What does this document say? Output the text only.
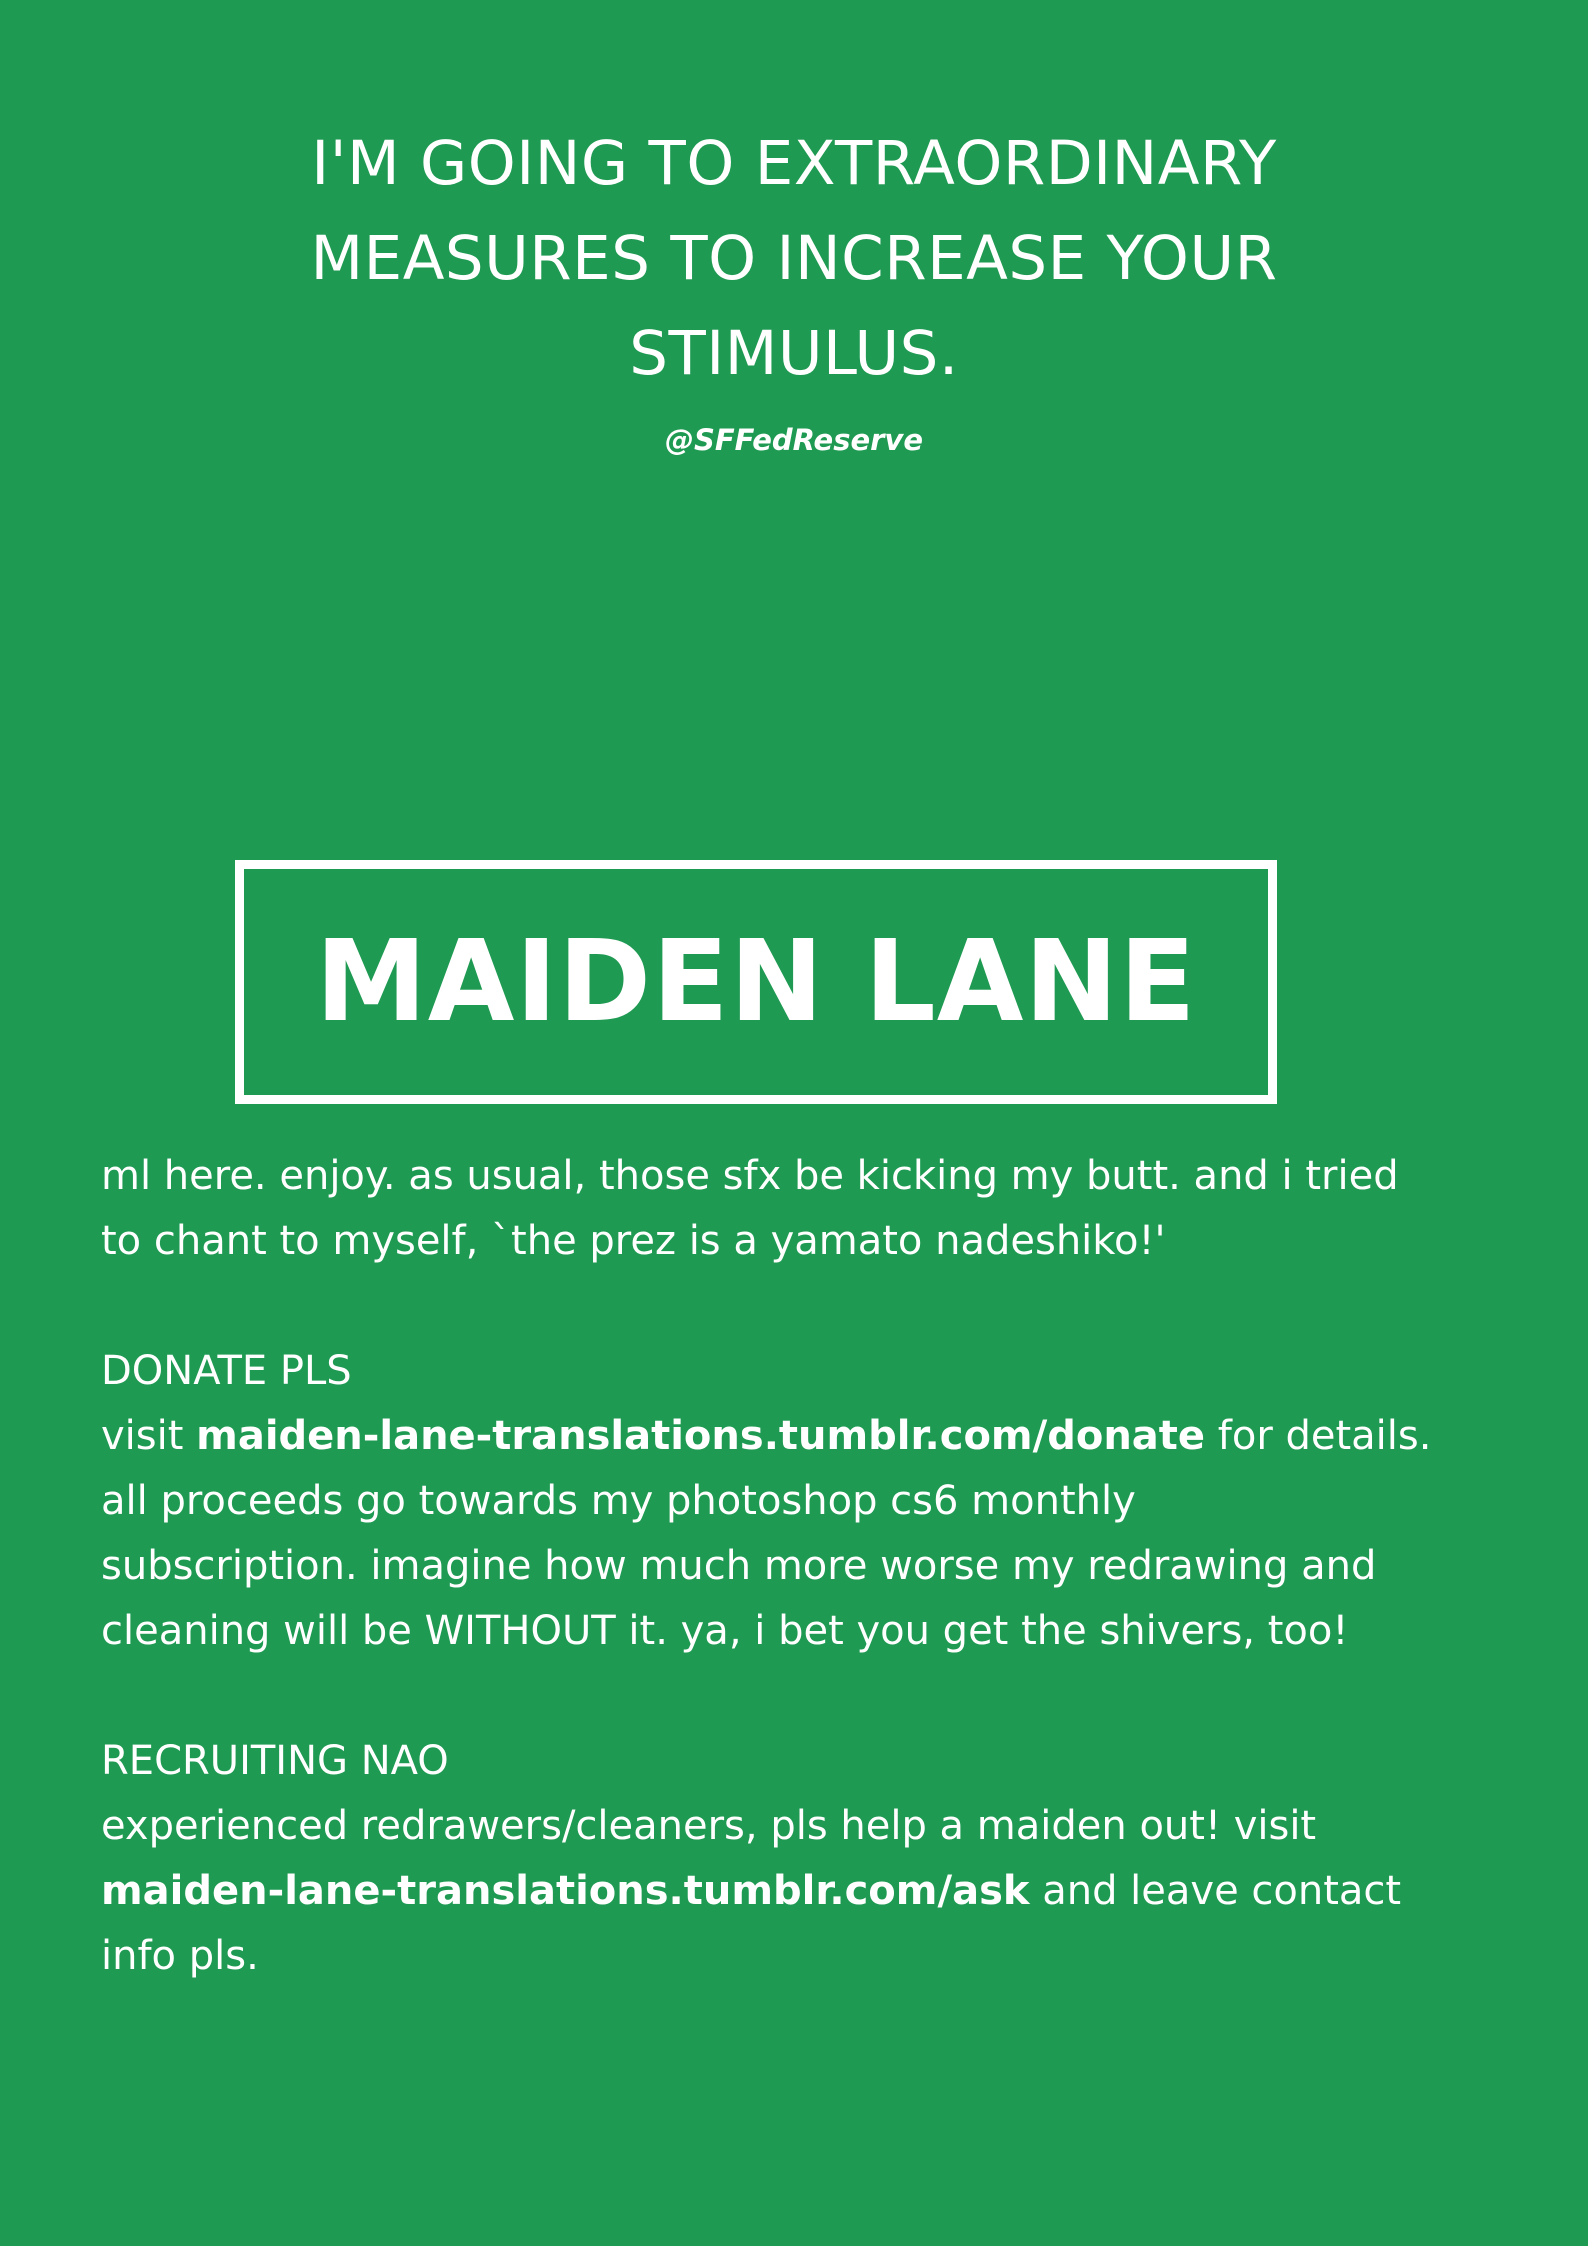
I'M GOING TO EXTRAORDINARY
MEASURES TO INCREASE YOUR
STIMULUS.
@SFFedReserve
MAIDEN LANE
ml here. enjoy. as usual, those sfx be kicking my butt. and i tried
to chant to myself, `the prez is a yamato nadeshiko!'
DONATE PLS
visit maiden-lane-translations.tumblr.com/donate for details.
all proceeds go towards my photoshop cs6 monthly
subscription. imagine how much more worse my redrawing and
cleaning will be WITHOUT it. ya, i bet you get the shivers, too!
RECRUITING NAO
experienced redrawers/cleaners, pls help a maiden out! visit
maiden-lane-translations.tumblr.com/ask and leave contact
info pls.
